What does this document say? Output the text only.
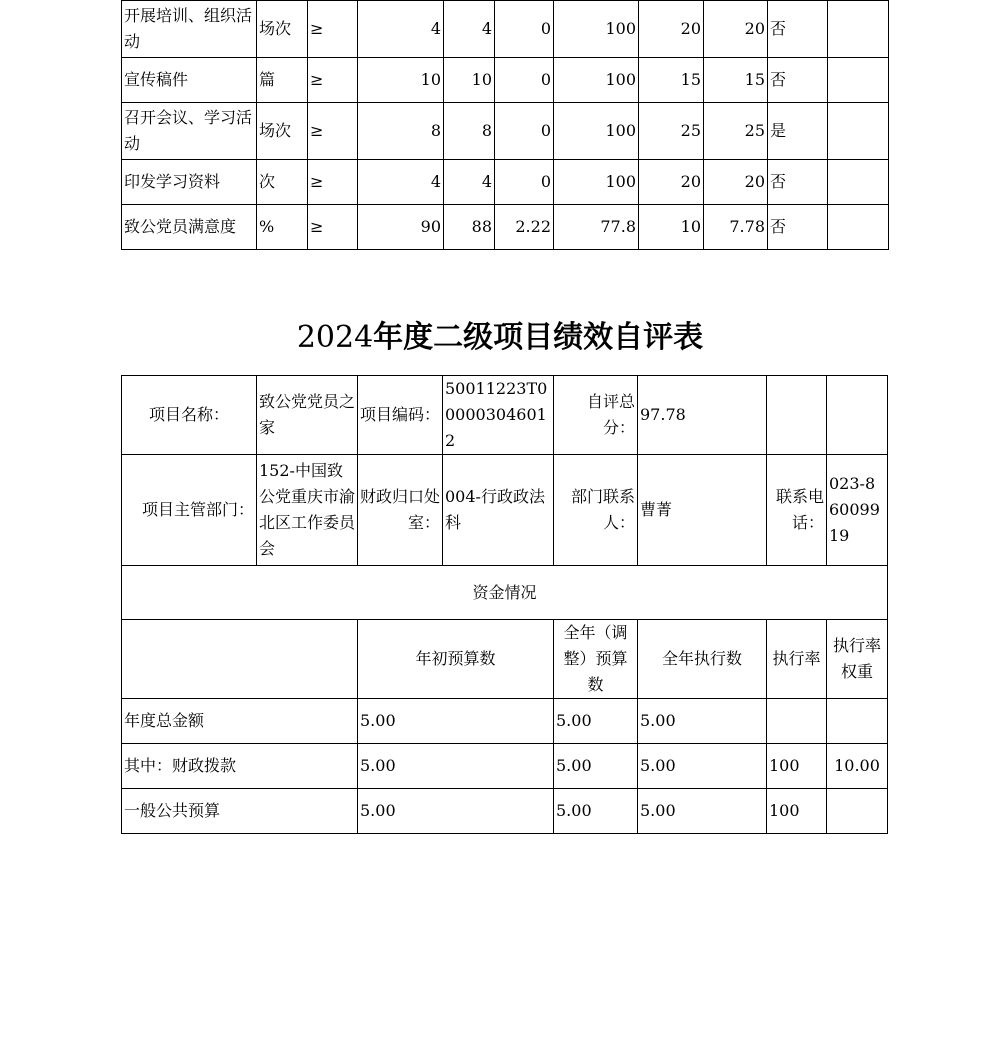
开展培训、组织活动	场次	≥	4	4	0	100	20	20	否	
宣传稿件	篇	≥	10	10	0	100	15	15	否	
召开会议、学习活动	场次	≥	8	8	0	100	25	25	是	
印发学习资料	次	≥	4	4	0	100	20	20	否	
致公党员满意度	%	≥	90	88	2.22	77.8	10	7.78	否	
2024年度二级项目绩效自评表
项目名称：	致公党党员之家	项目编码：	50011223T000003046012	自评总分：	97.78		
项目主管部门：	152-中国致公党重庆市渝北区工作委员会	财政归口处室：	004-行政政法科	部门联系人：	曹菁	联系电话：	023-86009919
资金情况							
		年初预算数		全年（调整）预算数	全年执行数	执行率	执行率权重
年度总金额		5.00		5.00	5.00		
其中：财政拨款		5.00		5.00	5.00	100	10.00
一般公共预算		5.00		5.00	5.00	100	
